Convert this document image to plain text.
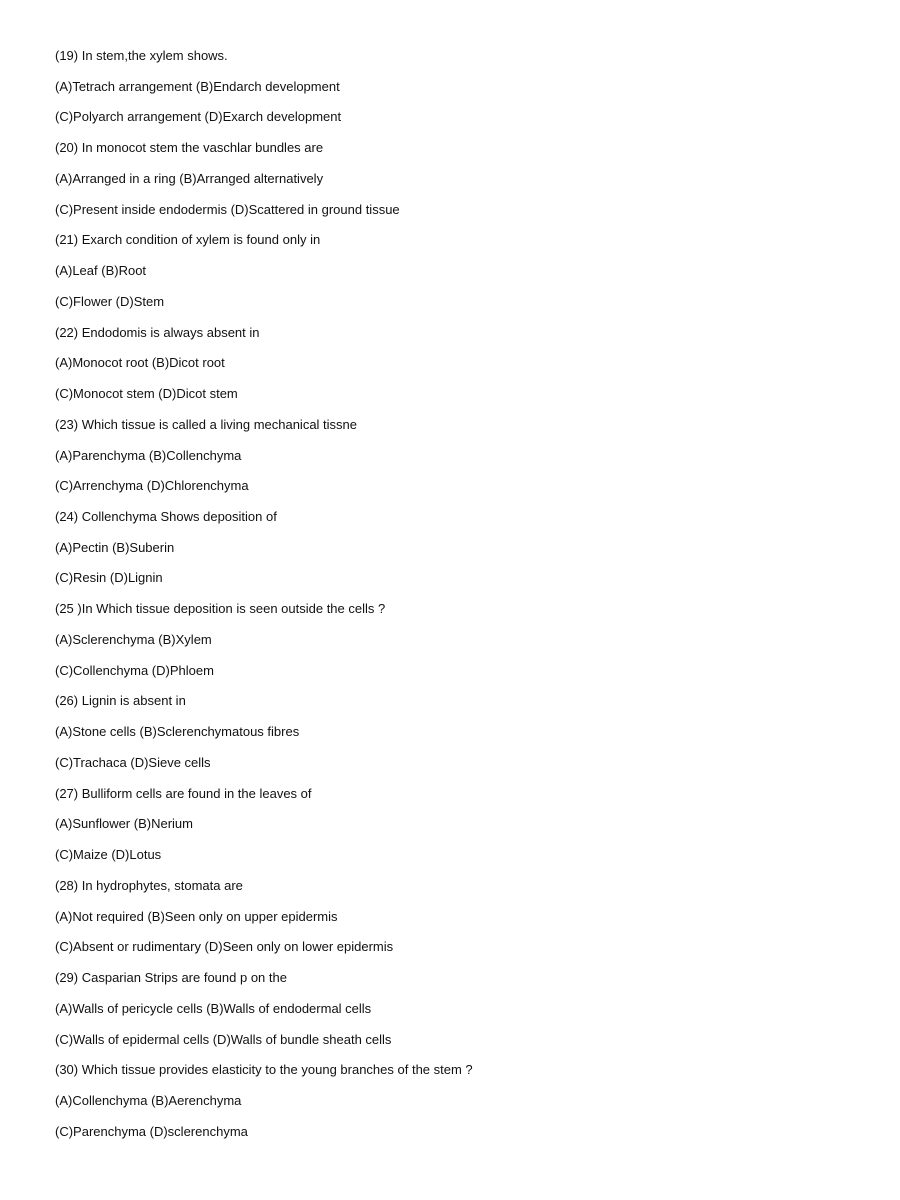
(19) In stem,the xylem shows.
(A)Tetrach arrangement (B)Endarch development
(C)Polyarch arrangement (D)Exarch development
(20) In monocot stem the vaschlar bundles are
(A)Arranged in a ring (B)Arranged alternatively
(C)Present inside endodermis (D)Scattered in ground tissue
(21) Exarch condition of xylem is found only in
(A)Leaf (B)Root
(C)Flower (D)Stem
(22) Endodomis is always absent in
(A)Monocot root (B)Dicot root
(C)Monocot stem (D)Dicot stem
(23) Which tissue is called a living mechanical tissne
(A)Parenchyma (B)Collenchyma
(C)Arrenchyma (D)Chlorenchyma
(24) Collenchyma Shows deposition of
(A)Pectin (B)Suberin
(C)Resin (D)Lignin
(25 )In Which tissue deposition is seen outside the cells ?
(A)Sclerenchyma (B)Xylem
(C)Collenchyma (D)Phloem
(26) Lignin is absent in
(A)Stone cells (B)Sclerenchymatous fibres
(C)Trachaca (D)Sieve cells
(27) Bulliform cells are found in the leaves of
(A)Sunflower (B)Nerium
(C)Maize (D)Lotus
(28) In hydrophytes, stomata are
(A)Not required (B)Seen only on upper epidermis
(C)Absent or rudimentary (D)Seen only on lower epidermis
(29) Casparian Strips are found p on the
(A)Walls of pericycle cells (B)Walls of endodermal cells
(C)Walls of epidermal cells (D)Walls of bundle sheath cells
(30) Which tissue provides elasticity to the young branches of the stem ?
(A)Collenchyma (B)Aerenchyma
(C)Parenchyma (D)sclerenchyma
